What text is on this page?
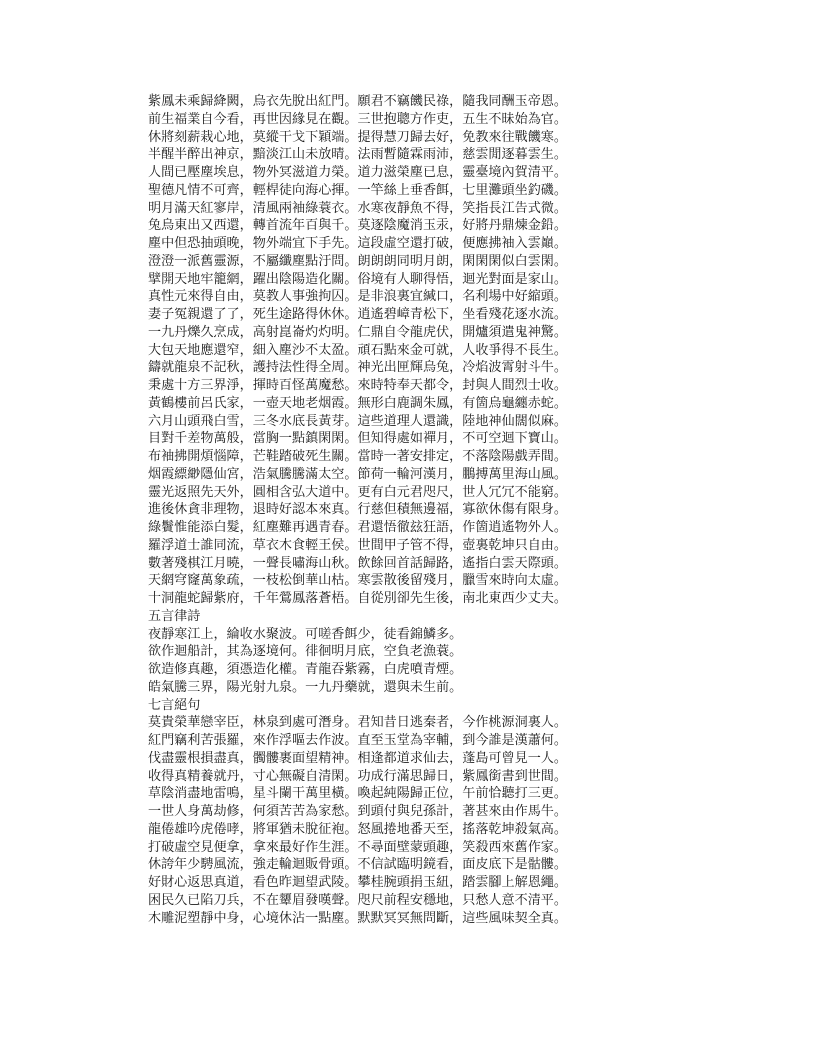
紫鳳未乘歸絳闕，烏衣先脫出紅門。願君不竊饑民祿，隨我同酬玉帝恩。
前生福業自今看，再世因緣見在觀。三世抱聰方作吏，五生不昧始為官。
休將刻薪栽心地，莫縱干戈下穎端。提得慧刀歸去好，免教來往戰饑寒。
半醒半醉出神京，黯淡江山未放晴。法雨暫隨霖雨沛，慈雲閒逐暮雲生。
人間已壓塵埃息，物外冥滋道力榮。道力滋榮塵已息，靈臺境內賀清平。
聖德凡情不可齊，輕桿徒向海心揮。一竿絲上垂香餌，七里灘頭坐釣磯。
明月滿天紅寥岸，清風兩袖綠蓑衣。水寒夜靜魚不得，笑指長江告式微。
兔烏東出又西還，轉首流年百與千。莫逐陰魔消玉汞，好將丹鼎煉金鉛。
塵中但恐抽頭晚，物外端宜下手先。這段虛空還打破，便應拂袖入雲巔。
澄澄一派舊靈源，不屬纖塵點汙問。朗朗朗同明月朗，閑閑閑似白雲閑。
擘開天地牢籠網，躍出陰陽造化關。俗境有人聊得悟，迴光對面是家山。
真性元來得自由，莫教人事強拘囚。是非浪裏宜緘口，名利場中好縮頭。
妻子冤親還了了，死生途路得休休。逍遙碧嶂青松下，坐看殘花逐水流。
一九丹爍久烹成，高射崑崙灼灼明。仁鼎自令龍虎伏，開爐須遣鬼神驚。
大包天地應還窄，細入塵沙不太盈。頑石點來金可就，人收爭得不長生。
鑄就龍泉不記秋，護持法性得全周。神光出匣輝烏兔，冷焰波霄射斗牛。
秉處十方三界淨，揮時百怪萬魔愁。來時特奉天都令，封與人間烈士收。
黃鶴樓前呂氏家，一壺天地老烟霞。無形白鹿調朱鳳，有箇烏龜纏赤蛇。
六月山頭飛白雪，三冬水底長黃芽。這些道理人還識，陸地神仙闊似麻。
目對千差物萬般，當胸一點鎮閑閑。但知得處如禪月，不可空迴下寶山。
布袖拂開煩惱障，芒鞋踏破死生關。當時一著安排定，不落陰陽戲弄間。
烟霞縹緲隱仙宮，浩氣騰騰滿太空。節荷一輪河漢月，鵬搏萬里海山風。
靈光返照先天外，圓相含弘大道中。更有白元君咫尺，世人冗冗不能窮。
進後休貪非理物，退時好認本來真。行慈但積無邊福，寡欲休傷有限身。
綠鬢惟能添白髮，紅塵難再遇青春。君還悟徹玆狂語，作箇逍遙物外人。
羅浮道士誰同流，草衣木食輕王侯。世間甲子管不得，壺裏乾坤只自由。
數著殘棋江月曉，一聲長嘯海山秋。飲餘回首話歸路，遙指白雲天際頭。
天網穹窿萬象疏，一枝松倒華山枯。寒雲散後留殘月，臘雪來時向太虛。
十洞龍蛇歸紫府，千年鶯鳳落蒼梧。自從別卻先生後，南北東西少丈夫。
五言律詩
夜靜寒江上，綸收水聚波。可嗟香餌少，徒看錦鱗多。
欲作迴船計，其為逐境何。徘徊明月底，空負老漁蓑。
欲造修真趣，須憑造化權。青龍吞紫霧，白虎噴青煙。
皓氣騰三界，陽光射九泉。一九丹藥就，還與未生前。
七言絕句
莫貴榮華戀宰臣，林泉到處可潛身。君知昔日逃秦者，今作桃源洞裏人。
紅門竊利苦張羅，來作浮嘔去作波。直至玉堂為宰輔，到今誰是漢蕭何。
伐盡靈根損盡真，髑髏裹面望精神。相逢都道求仙去，蓬島可曾見一人。
收得真精養就丹，寸心無礙自清閑。功成行滿思歸日，紫鳳銜書到世間。
草陰消盡地雷鳴，星斗闌干萬里橫。喚起純陽歸正位，午前恰聽打三更。
一世人身萬劫修，何須苦苦為家愁。到頭付與兒孫計，著甚來由作馬牛。
龍倦雄吟虎倦哮，將軍猶未脫征袍。怒風捲地番天至，搖落乾坤殺氣高。
打破虛空見便拿，拿來最好作生涯。不尋面壁蒙頭趣，笑殺西來舊作家。
休誇年少騁風流，強走輪迴販骨頭。不信試臨明鏡看，面皮底下是骷髏。
好財心返思真道，看色昨迴望武陵。攀桂腕頭捐玉紐，踏雲腳上解恩繩。
困民久已陷刀兵，不在顰眉發嘆聲。咫尺前程安穩地，只愁人意不清平。
木雕泥塑靜中身，心境休沾一點塵。默默冥冥無問斷，這些風味契全真。
